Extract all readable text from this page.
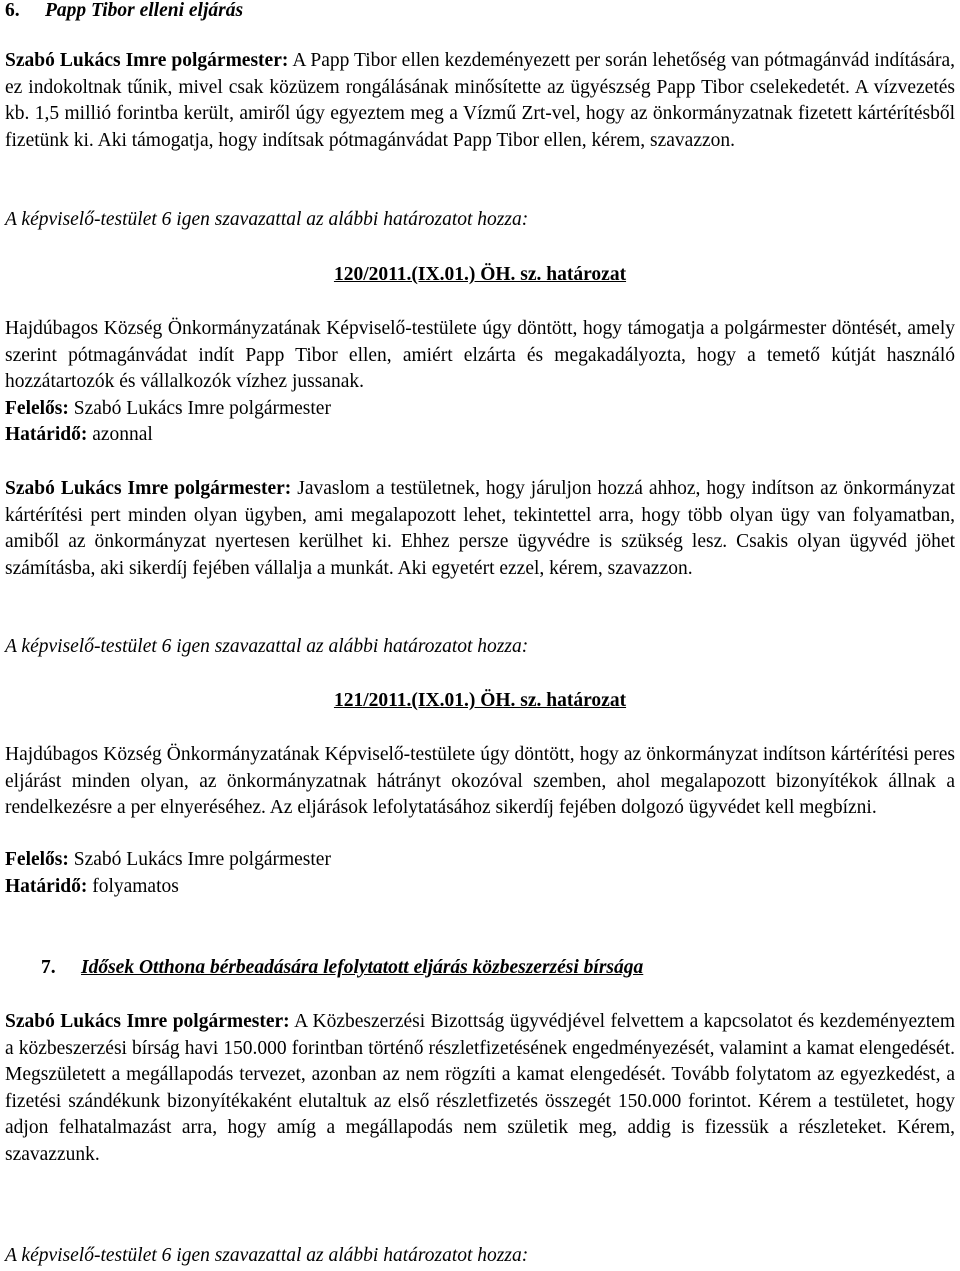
6. Papp Tibor elleni eljárás
Szabó Lukács Imre polgármester: A Papp Tibor ellen kezdeményezett per során lehetőség van pótmagánvád indítására, ez indokoltnak tűnik, mivel csak közüzem rongálásának minősítette az ügyészség Papp Tibor cselekedetét. A vízvezetés kb. 1,5 millió forintba került, amiről úgy egyeztem meg a Vízmű Zrt-vel, hogy az önkormányzatnak fizetett kártérítésből fizetünk ki. Aki támogatja, hogy indítsak pótmagánvádat Papp Tibor ellen, kérem, szavazzon.
A képviselő-testület 6 igen szavazattal az alábbi határozatot hozza:
120/2011.(IX.01.) ÖH. sz. határozat
Hajdúbagos Község Önkormányzatának Képviselő-testülete úgy döntött, hogy támogatja a polgármester döntését, amely szerint pótmagánvádat indít Papp Tibor ellen, amiért elzárta és megakadályozta, hogy a temető kútját használó hozzátartozók és vállalkozók vízhez jussanak.
Felelős: Szabó Lukács Imre polgármester
Határidő: azonnal
Szabó Lukács Imre polgármester: Javaslom a testületnek, hogy járuljon hozzá ahhoz, hogy indítson az önkormányzat kártérítési pert minden olyan ügyben, ami megalapozott lehet, tekintettel arra, hogy több olyan ügy van folyamatban, amiből az önkormányzat nyertesen kerülhet ki. Ehhez persze ügyvédre is szükség lesz. Csakis olyan ügyvéd jöhet számításba, aki sikerdíj fejében vállalja a munkát. Aki egyetért ezzel, kérem, szavazzon.
A képviselő-testület 6 igen szavazattal az alábbi határozatot hozza:
121/2011.(IX.01.) ÖH. sz. határozat
Hajdúbagos Község Önkormányzatának Képviselő-testülete úgy döntött, hogy az önkormányzat indítson kártérítési peres eljárást minden olyan, az önkormányzatnak hátrányt okozóval szemben, ahol megalapozott bizonyítékok állnak a rendelkezésre a per elnyeréséhez. Az eljárások lefolytatásához sikerdíj fejében dolgozó ügyvédet kell megbízni.
Felelős: Szabó Lukács Imre polgármester
Határidő: folyamatos
7. Idősek Otthona bérbeadására lefolytatott eljárás közbeszerzési bírsága
Szabó Lukács Imre polgármester: A Közbeszerzési Bizottság ügyvédjével felvettem a kapcsolatot és kezdeményeztem a közbeszerzési bírság havi 150.000 forintban történő részletfizetésének engedményezését, valamint a kamat elengedését. Megszületett a megállapodás tervezet, azonban az nem rögzíti a kamat elengedését. Tovább folytatom az egyezkedést, a fizetési szándékunk bizonyítékaként elutaltuk az első részletfizetés összegét 150.000 forintot. Kérem a testületet, hogy adjon felhatalmazást arra, hogy amíg a megállapodás nem születik meg, addig is fizessük a részleteket. Kérem, szavazzunk.
A képviselő-testület 6 igen szavazattal az alábbi határozatot hozza:
